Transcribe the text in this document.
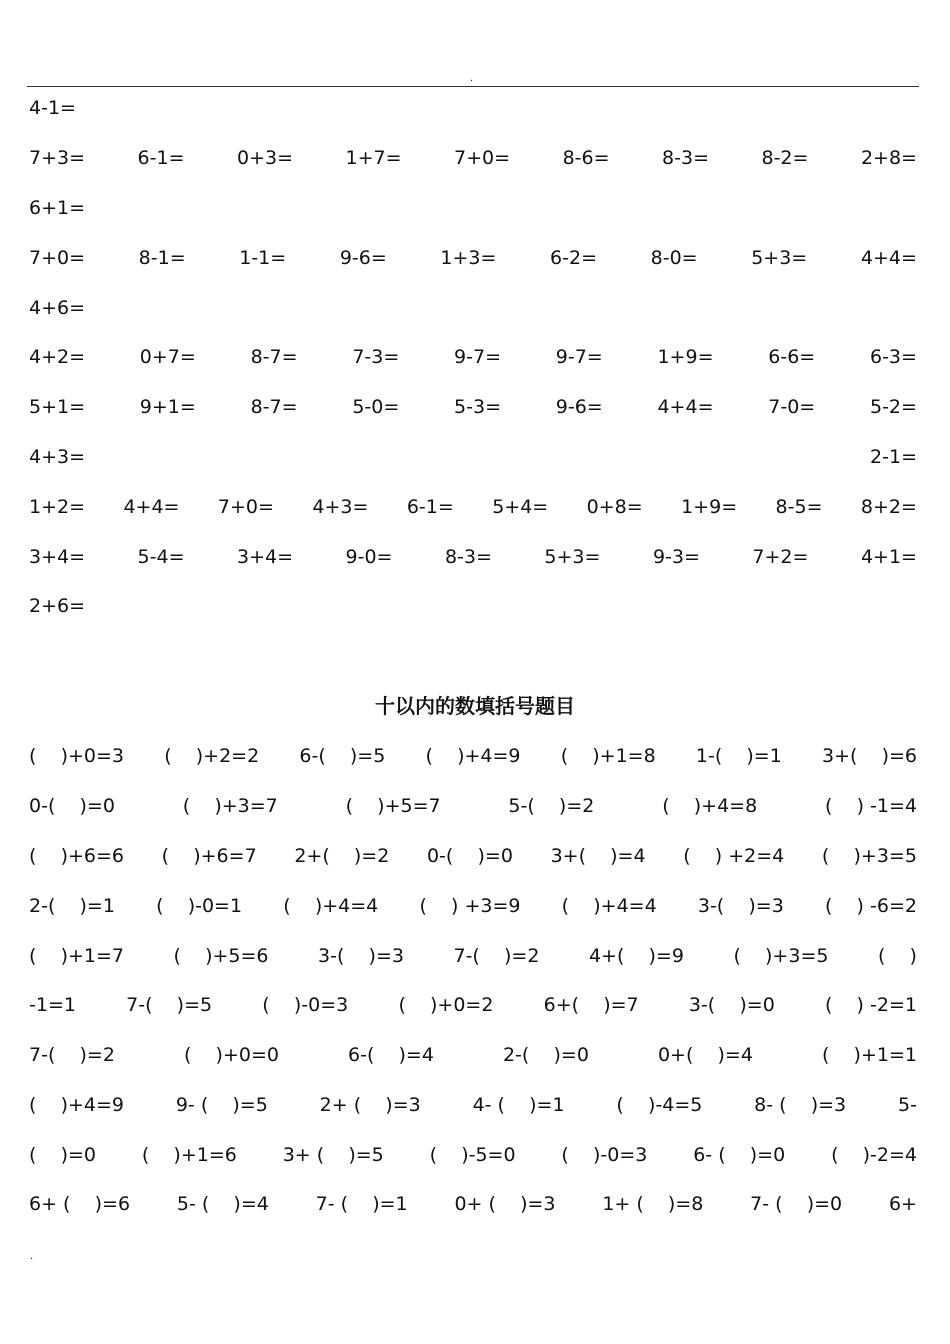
.
4-1=
7+3=	6-1=	0+3=	1+7=	7+0=	8-6=	8-3=	8-2=	2+8=
6+1=
7+0=	8-1=	1-1=	9-6=	1+3=	6-2=	8-0=	5+3=	4+4=
4+6=
4+2=	0+7=	8-7=	7-3=	9-7=	9-7=	1+9=	6-6=	6-3=
5+1=	9+1=	8-7=	5-0=	5-3=	9-6=	4+4=	7-0=	5-2=
4+3=	2-1=
1+2= 4+4= 7+0= 4+3= 6-1= 5+4= 0+8= 1+9= 8-5= 8+2=
3+4=	5-4=	3+4=	9-0=	8-3=	5+3=	9-3=	7+2=	4+1=
2+6=
十以内的数填括号题目
(    )+0=3 (    )+2=2 6-(    )=5 (    )+4=9 (    )+1=8 1-(    )=1 3+(    )=6
0-(    )=0	(    )+3=7	(    )+5=7	5-(    )=2	(    )+4=8	(    ) -1=4
(    )+6=6 (    )+6=7 2+(    )=2 0-(    )=0 3+(    )=4 (    ) +2=4 (    )+3=5
2-(    )=1 (    )-0=1 (    )+4=4 (    ) +3=9 (    )+4=4 3-(    )=3 (    ) -6=2
(    )+1=7	(    )+5=6	3-(    )=3	7-(    )=2	4+(    )=9	(    )+3=5	(    )
-1=1	7-(    )=5	(    )-0=3	(    )+0=2	6+(    )=7	3-(    )=0	(    ) -2=1
7-(    )=2	(    )+0=0	6-(    )=4	2-(    )=0	0+(    )=4	(    )+1=1
(    )+4=9	9- (    )=5	2+ (    )=3	4- (    )=1	(    )-4=5	8- (    )=3	5-
(    )=0 (    )+1=6 3+ (    )=5 (    )-5=0 (    )-0=3 6- (    )=0 (    )-2=4
6+ (    )=6 5- (    )=4 7- (    )=1 0+ (    )=3 1+ (    )=8 7- (    )=0 6+
.
